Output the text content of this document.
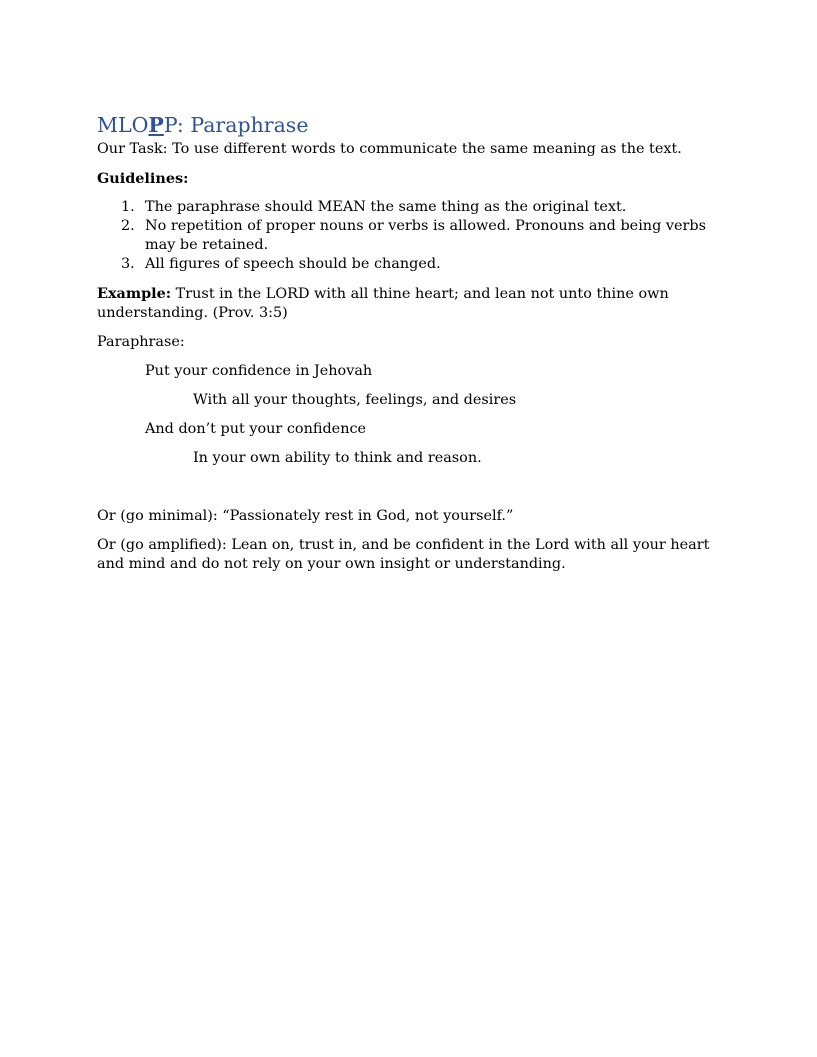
MLOPP: Paraphrase

Our Task: To use different words to communicate the same meaning as the text.

Guidelines:

1. The paraphrase should MEAN the same thing as the original text.
2. No repetition of proper nouns or verbs is allowed. Pronouns and being verbs may be retained.
3. All figures of speech should be changed.

Example: Trust in the LORD with all thine heart; and lean not unto thine own understanding. (Prov. 3:5)

Paraphrase:

Put your confidence in Jehovah

With all your thoughts, feelings, and desires

And don’t put your confidence

In your own ability to think and reason.

Or (go minimal): “Passionately rest in God, not yourself.”

Or (go amplified): Lean on, trust in, and be confident in the Lord with all your heart and mind and do not rely on your own insight or understanding.
